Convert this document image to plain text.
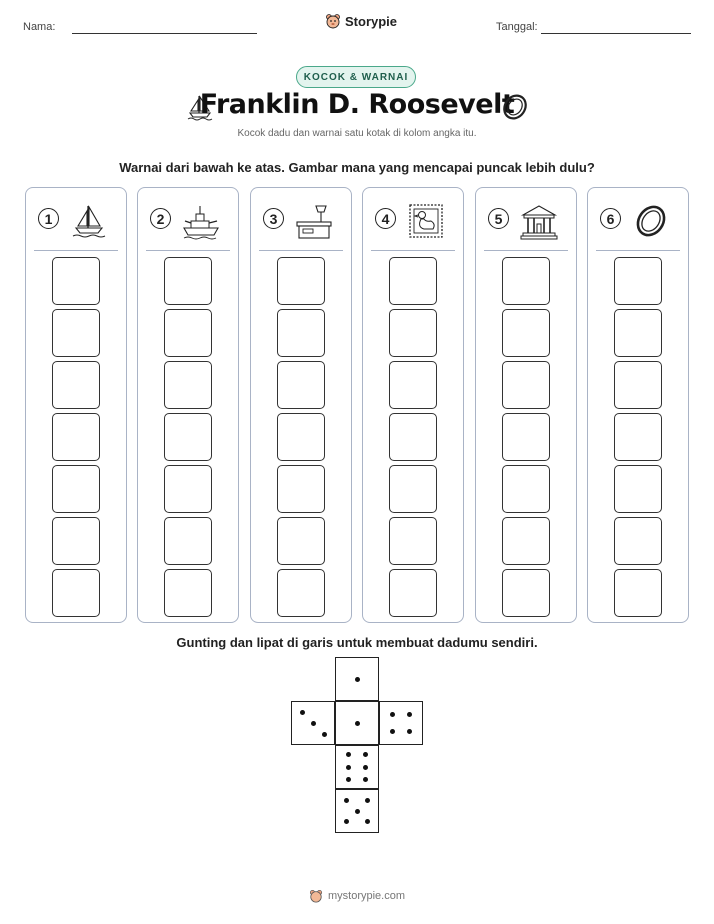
Nama:	Storypie	Tanggal:
KOCOK & WARNAI
Franklin D. Roosevelt
Kocok dadu dan warnai satu kotak di kolom angka itu.
Warnai dari bawah ke atas. Gambar mana yang mencapai puncak lebih dulu?
1	2	3	4	5	6
Gunting dan lipat di garis untuk membuat dadumu sendiri.
mystorypie.com
